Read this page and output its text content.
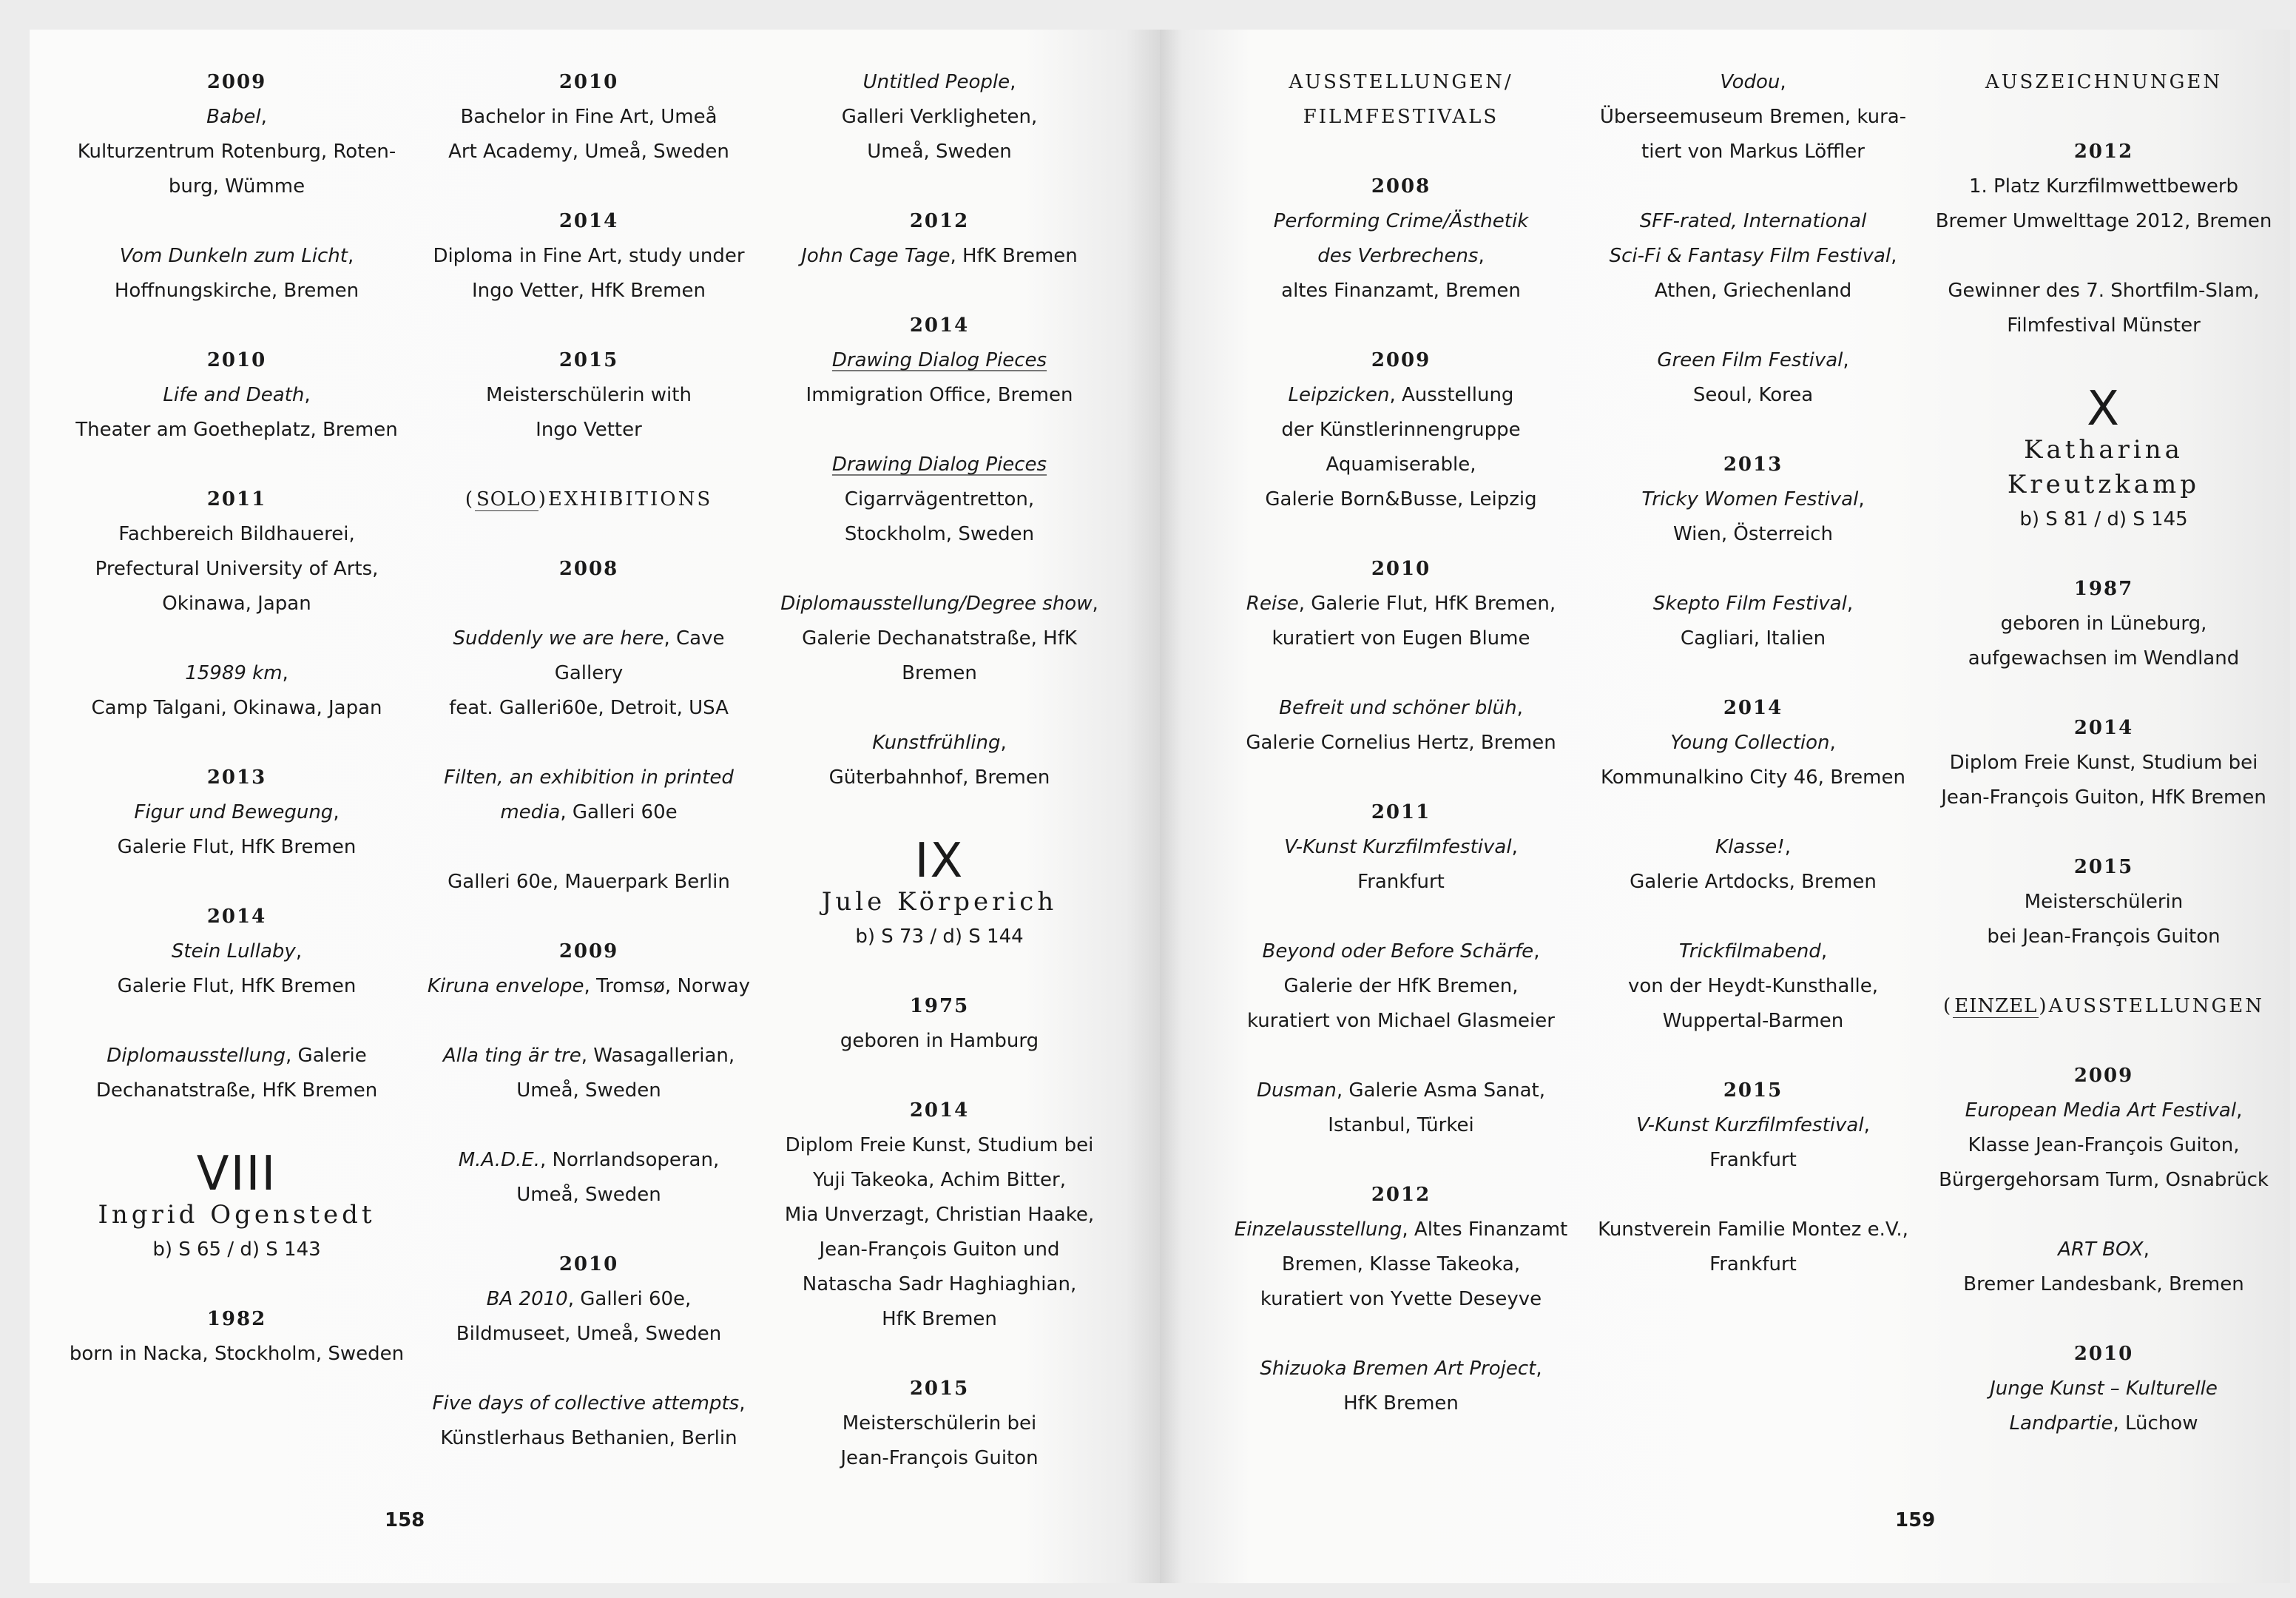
2009
Babel,
Kulturzentrum Rotenburg, Roten-
burg, Wümme
Vom Dunkeln zum Licht,
Hoffnungskirche, Bremen
2010
Life and Death,
Theater am Goetheplatz, Bremen
2011
Fachbereich Bildhauerei,
Prefectural University of Arts,
Okinawa, Japan
15989 km,
Camp Talgani, Okinawa, Japan
2013
Figur und Bewegung,
Galerie Flut, HfK Bremen
2014
Stein Lullaby,
Galerie Flut, HfK Bremen
Diplomausstellung, Galerie
Dechanatstraße, HfK Bremen
VIII
Ingrid Ogenstedt
b) S 65 / d) S 143
1982
born in Nacka, Stockholm, Sweden
2010
Bachelor in Fine Art, Umeå
Art Academy, Umeå, Sweden
2014
Diploma in Fine Art, study under
Ingo Vetter, HfK Bremen
2015
Meisterschülerin with
Ingo Vetter
(SOLO)EXHIBITIONS
2008
Suddenly we are here, Cave Gallery
feat. Galleri60e, Detroit, USA
Filten, an exhibition in printed
media, Galleri 60e
Galleri 60e, Mauerpark Berlin
2009
Kiruna envelope, Tromsø, Norway
Alla ting är tre, Wasagallerian,
Umeå, Sweden
M.A.D.E., Norrlandsoperan,
Umeå, Sweden
2010
BA 2010, Galleri 60e,
Bildmuseet, Umeå, Sweden
Five days of collective attempts,
Künstlerhaus Bethanien, Berlin
Untitled People,
Galleri Verkligheten,
Umeå, Sweden
2012
John Cage Tage, HfK Bremen
2014
Drawing Dialog Pieces
Immigration Office, Bremen
Drawing Dialog Pieces
Cigarrvägentretton,
Stockholm, Sweden
Diplomausstellung/Degree show,
Galerie Dechanatstraße, HfK Bremen
Kunstfrühling,
Güterbahnhof, Bremen
IX
Jule Körperich
b) S 73 / d) S 144
1975
geboren in Hamburg
2014
Diplom Freie Kunst, Studium bei
Yuji Takeoka, Achim Bitter,
Mia Unverzagt, Christian Haake,
Jean-François Guiton und
Natascha Sadr Haghiaghian,
HfK Bremen
2015
Meisterschülerin bei
Jean-François Guiton
158
AUSSTELLUNGEN/
FILMFESTIVALS
2008
Performing Crime/Ästhetik
des Verbrechens,
altes Finanzamt, Bremen
2009
Leipzicken, Ausstellung
der Künstlerinnengruppe
Aquamiserable,
Galerie Born&Busse, Leipzig
2010
Reise, Galerie Flut, HfK Bremen,
kuratiert von Eugen Blume
Befreit und schöner blüh,
Galerie Cornelius Hertz, Bremen
2011
V-Kunst Kurzfilmfestival,
Frankfurt
Beyond oder Before Schärfe,
Galerie der HfK Bremen,
kuratiert von Michael Glasmeier
Dusman, Galerie Asma Sanat,
Istanbul, Türkei
2012
Einzelausstellung, Altes Finanzamt
Bremen, Klasse Takeoka,
kuratiert von Yvette Deseyve
Shizuoka Bremen Art Project,
HfK Bremen
Vodou,
Überseemuseum Bremen, kura-
tiert von Markus Löffler
SFF-rated, International
Sci-Fi & Fantasy Film Festival,
Athen, Griechenland
Green Film Festival,
Seoul, Korea
2013
Tricky Women Festival,
Wien, Österreich
Skepto Film Festival,
Cagliari, Italien
2014
Young Collection,
Kommunalkino City 46, Bremen
Klasse!,
Galerie Artdocks, Bremen
Trickfilmabend,
von der Heydt-Kunsthalle,
Wuppertal-Barmen
2015
V-Kunst Kurzfilmfestival,
Frankfurt
Kunstverein Familie Montez e.V.,
Frankfurt
AUSZEICHNUNGEN
2012
1. Platz Kurzfilmwettbewerb
Bremer Umwelttage 2012, Bremen
Gewinner des 7. Shortfilm-Slam,
Filmfestival Münster
X
Katharina
Kreutzkamp
b) S 81 / d) S 145
1987
geboren in Lüneburg,
aufgewachsen im Wendland
2014
Diplom Freie Kunst, Studium bei
Jean-François Guiton, HfK Bremen
2015
Meisterschülerin
bei Jean-François Guiton
(EINZEL)AUSSTELLUNGEN
2009
European Media Art Festival,
Klasse Jean-François Guiton,
Bürgergehorsam Turm, Osnabrück
ART BOX,
Bremer Landesbank, Bremen
2010
Junge Kunst – Kulturelle
Landpartie, Lüchow
159
